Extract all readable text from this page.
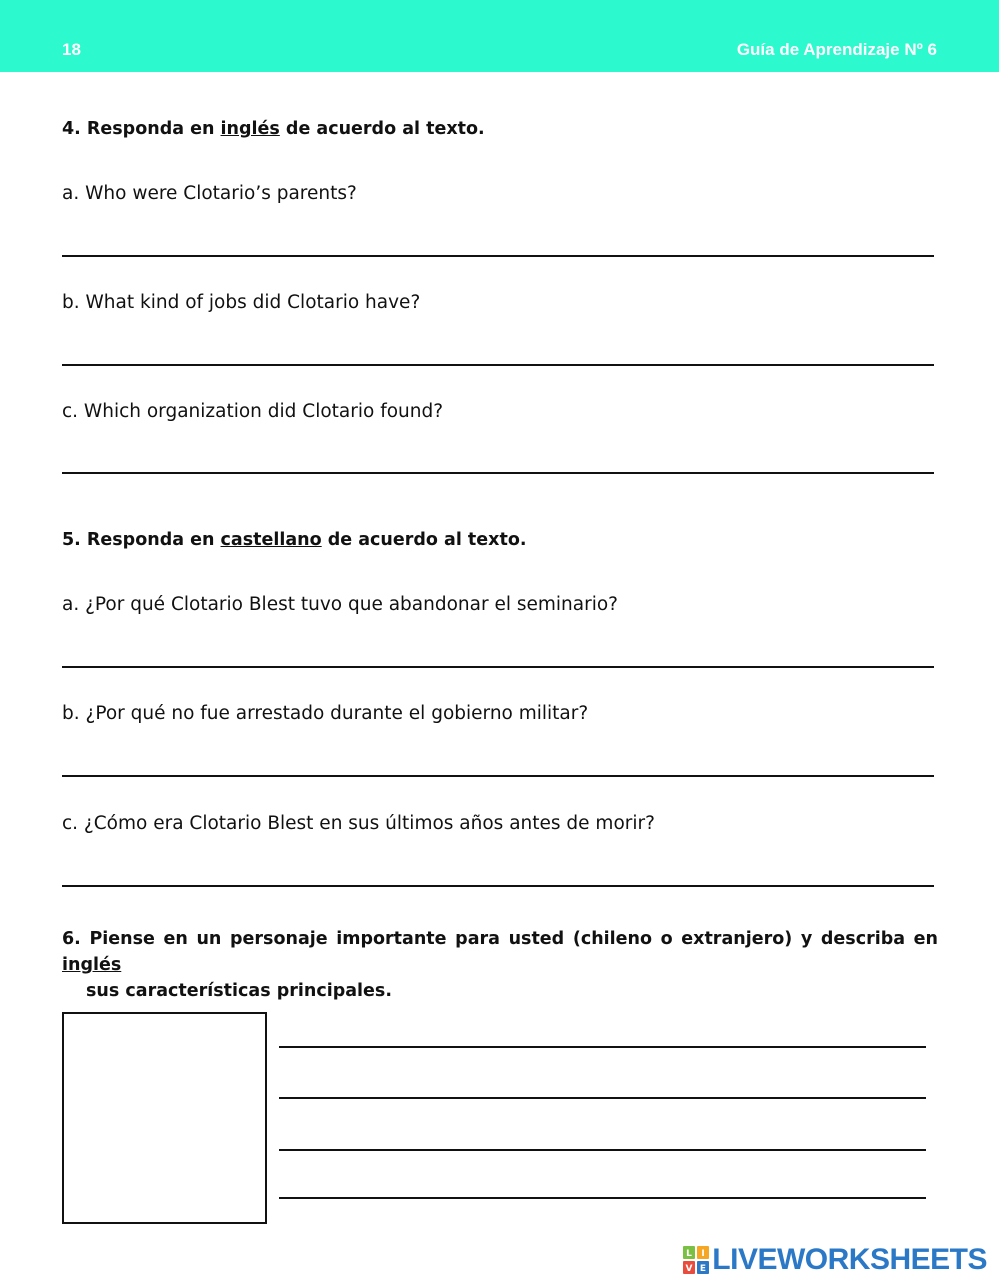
18	Guía de Aprendizaje Nº 6
4. Responda en inglés de acuerdo al texto.
a. Who were Clotario’s parents?
b. What kind of jobs did Clotario have?
c. Which organization did Clotario found?
5. Responda en castellano de acuerdo al texto.
a. ¿Por qué Clotario Blest tuvo que abandonar el seminario?
b. ¿Por qué no fue arrestado durante el gobierno militar?
c. ¿Cómo era Clotario Blest en sus últimos años antes de morir?
6. Piense en un personaje importante para usted (chileno o extranjero) y describa en inglés
sus características principales.
L I
V E LIVEWORKSHEETS
